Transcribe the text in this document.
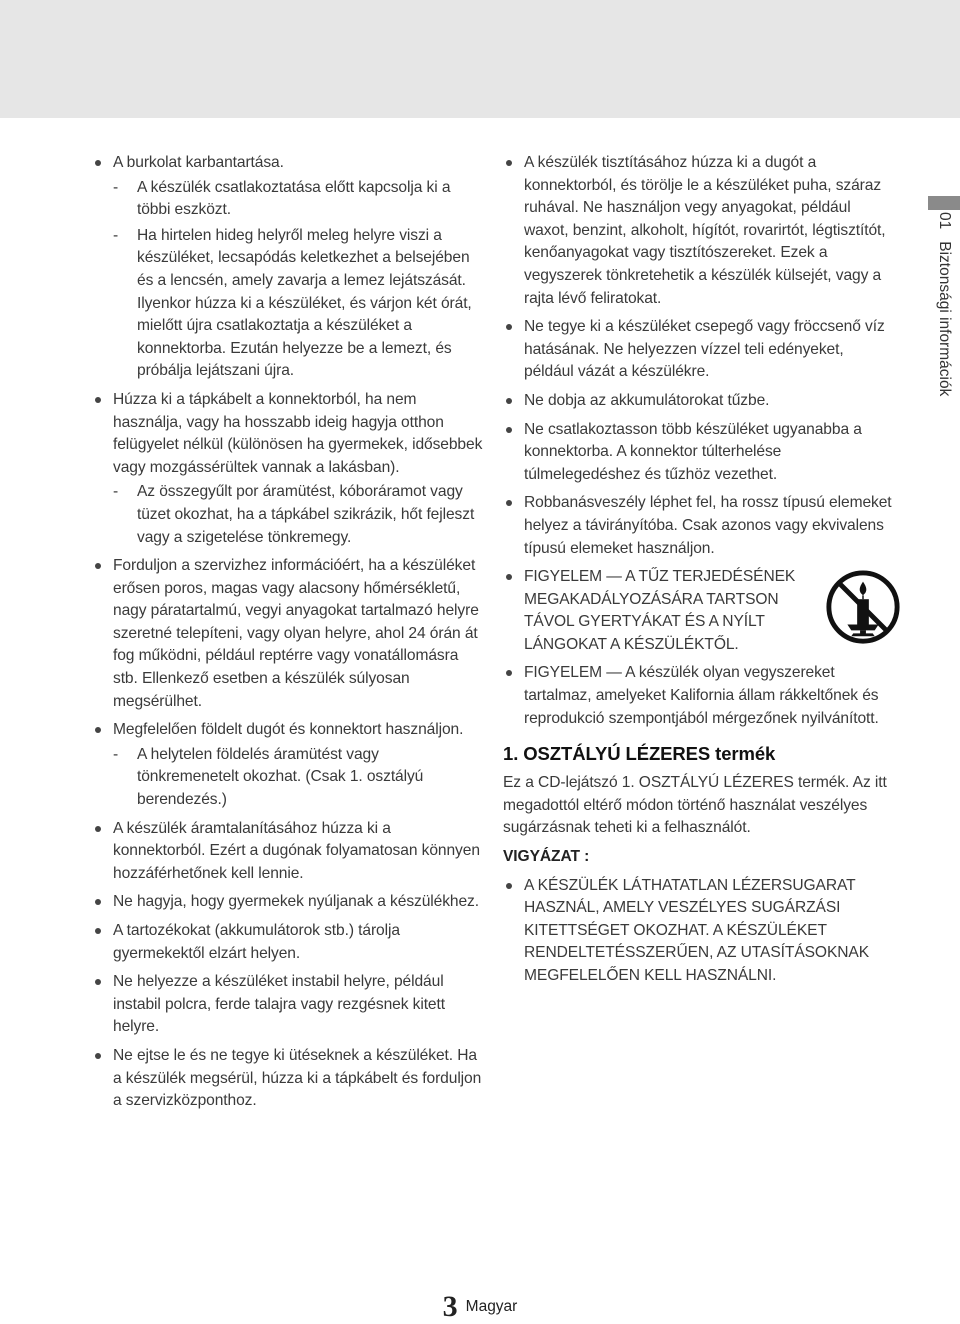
A burkolat karbantartása.
- A készülék csatlakoztatása előtt kapcsolja ki a többi eszközt.
- Ha hirtelen hideg helyről meleg helyre viszi a készüléket, lecsapódás keletkezhet a belsejében és a lencsén, amely zavarja a lemez lejátszását. Ilyenkor húzza ki a készüléket, és várjon két órát, mielőtt újra csatlakoztatja a készüléket a konnektorba. Ezután helyezze be a lemezt, és próbálja lejátszani újra.
Húzza ki a tápkábelt a konnektorból, ha nem használja, vagy ha hosszabb ideig hagyja otthon felügyelet nélkül (különösen ha gyermekek, idősebbek vagy mozgássérültek vannak a lakásban).
- Az összegyűlt por áramütést, kóboráramot vagy tüzet okozhat, ha a tápkábel szikrázik, hőt fejleszt vagy a szigetelése tönkremegy.
Forduljon a szervizhez információért, ha a készüléket erősen poros, magas vagy alacsony hőmérsékletű, nagy páratartalmú, vegyi anyagokat tartalmazó helyre szeretné telepíteni, vagy olyan helyre, ahol 24 órán át fog működni, például reptérre vagy vonatállomásra stb. Ellenkező esetben a készülék súlyosan megsérülhet.
Megfelelően földelt dugót és konnektort használjon.
- A helytelen földelés áramütést vagy tönkremenetelt okozhat. (Csak 1. osztályú berendezés.)
A készülék áramtalanításához húzza ki a konnektorból. Ezért a dugónak folyamatosan könnyen hozzáférhetőnek kell lennie.
Ne hagyja, hogy gyermekek nyúljanak a készülékhez.
A tartozékokat (akkumulátorok stb.) tárolja gyermekektől elzárt helyen.
Ne helyezze a készüléket instabil helyre, például instabil polcra, ferde talajra vagy rezgésnek kitett helyre.
Ne ejtse le és ne tegye ki ütéseknek a készüléket. Ha a készülék megsérül, húzza ki a tápkábelt és forduljon a szervizközponthoz.
A készülék tisztításához húzza ki a dugót a konnektorból, és törölje le a készüléket puha, száraz ruhával. Ne használjon vegy anyagokat, például waxot, benzint, alkoholt, hígítót, rovarirtót, légtisztítót, kenőanyagokat vagy tisztítószereket. Ezek a vegyszerek tönkretehetik a készülék külsejét, vagy a rajta lévő feliratokat.
Ne tegye ki a készüléket csepegő vagy fröccsenő víz hatásának. Ne helyezzen vízzel teli edényeket, például vázát a készülékre.
Ne dobja az akkumulátorokat tűzbe.
Ne csatlakoztasson több készüléket ugyanabba a konnektorba. A konnektor túlterhelése túlmelegedéshez és tűzhöz vezethet.
Robbanásveszély léphet fel, ha rossz típusú elemeket helyez a távirányítóba. Csak azonos vagy ekvivalens típusú elemeket használjon.
FIGYELEM — A TŰZ TERJEDÉSÉNEK MEGAKADÁLYOZÁSÁRA TARTSON TÁVOL GYERTYÁKAT ÉS A NYÍLT LÁNGOKAT A KÉSZÜLÉKTŐL.
FIGYELEM — A készülék olyan vegyszereket tartalmaz, amelyeket Kalifornia állam rákkeltőnek és reprodukció szempontjából mérgezőnek nyilvánított.
1. OSZTÁLYÚ LÉZERES termék

Ez a CD-lejátszó 1. OSZTÁLYÚ LÉZERES termék. Az itt megadottól eltérő módon történő használat veszélyes sugárzásnak teheti ki a felhasználót.

VIGYÁZAT :
A KÉSZÜLÉK LÁTHATATLAN LÉZERSUGARAT HASZNÁL, AMELY VESZÉLYES SUGÁRZÁSI KITETTSÉGET OKOZHAT. A KÉSZÜLÉKET RENDELTETÉSSZERŰEN, AZ UTASÍTÁSOKNAK MEGFELELŐEN KELL HASZNÁLNI.
01Biztonsági információk
3 Magyar
